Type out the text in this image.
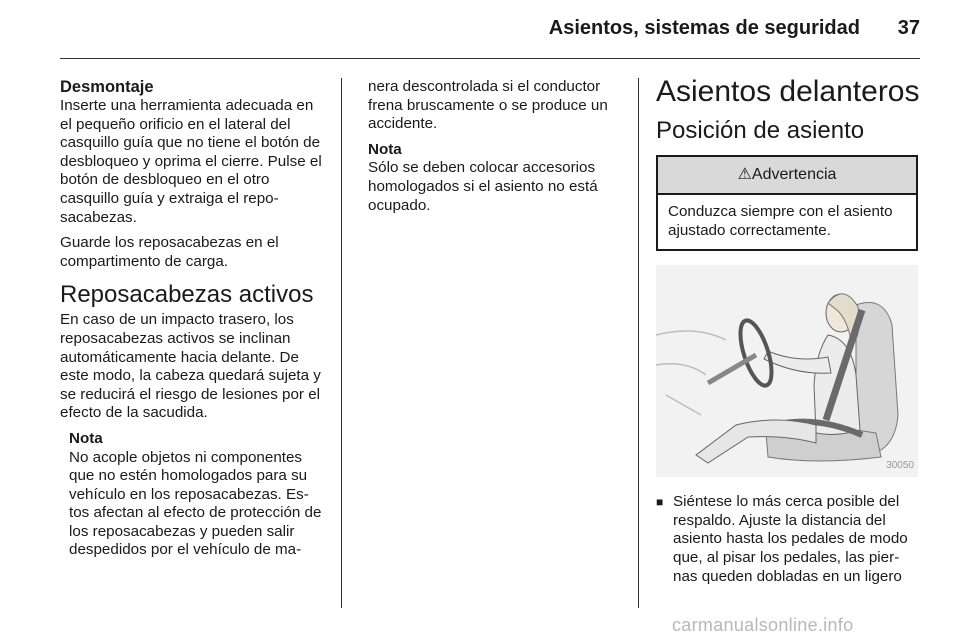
Asientos, sistemas de seguridad 37
Desmontaje

Inserte una herramienta adecuada en el pequeño orificio en el lateral del casquillo guía que no tiene el botón de desbloqueo y oprima el cierre. Pulse el botón de desbloqueo en el otro casquillo guía y extraiga el repo-sacabezas.

Guarde los reposacabezas en el compartimento de carga.

Reposacabezas activos

En caso de un impacto trasero, los reposacabezas activos se inclinan automáticamente hacia delante. De este modo, la cabeza quedará sujeta y se reducirá el riesgo de lesiones por el efecto de la sacudida.

Nota
No acople objetos ni componentes que no estén homologados para su vehículo en los reposacabezas. Es-tos afectan al efecto de protección de los reposacabezas y pueden salir despedidos por el vehículo de ma-

nera descontrolada si el conductor frena bruscamente o se produce un accidente.

Nota
Sólo se deben colocar accesorios homologados si el asiento no está ocupado.
Asientos delanteros
Posición de asiento
⚠Advertencia
Conduzca siempre con el asiento ajustado correctamente.
30050
■ Siéntese lo más cerca posible del respaldo. Ajuste la distancia del asiento hasta los pedales de modo que, al pisar los pedales, las pier-nas queden dobladas en un ligero
carmanualsonline.info
